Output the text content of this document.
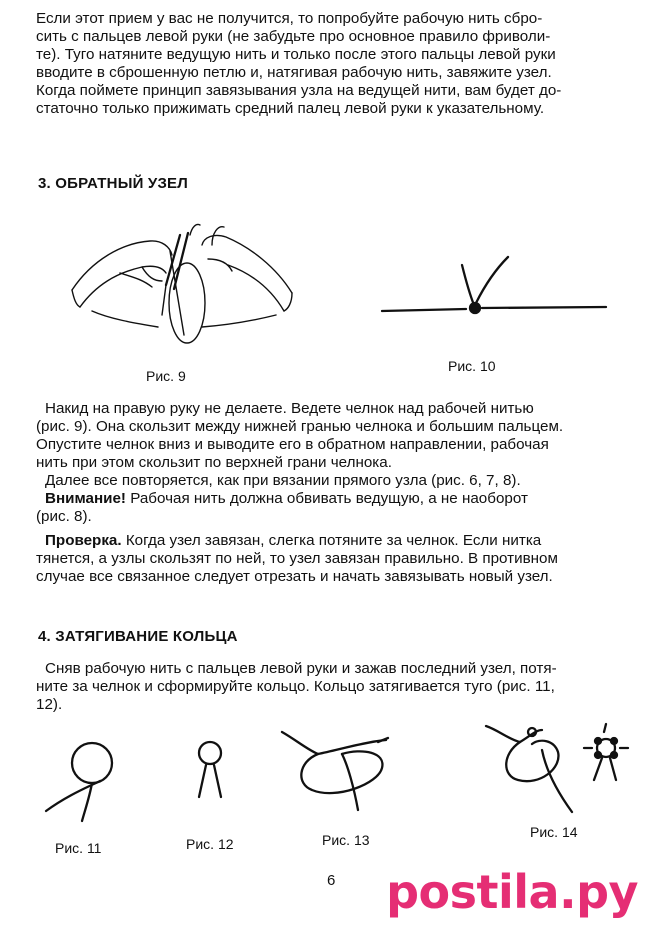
Если этот прием у вас не получится, то попробуйте рабочую нить сбро-

сить с пальцев левой руки (не забудьте про основное правило фриволи-

те). Туго натяните ведущую нить и только после этого пальцы левой руки

вводите в сброшенную петлю и, натягивая рабочую нить, завяжите узел.

Когда поймете принцип завязывания узла на ведущей нити, вам будет до-

статочно только прижимать средний палец левой руки к указательному.

3. ОБРАТНЫЙ УЗЕЛ

Рис. 9

Рис. 10

Накид на правую руку не делаете. Ведете челнок над рабочей нитью

(рис. 9). Она скользит между нижней гранью челнока и большим пальцем.

Опустите челнок вниз и выводите его в обратном направлении, рабочая

нить при этом скользит по верхней грани челнока.

Далее все повторяется, как при вязании прямого узла (рис. 6, 7, 8).

Внимание! Рабочая нить должна обвивать ведущую, а не наоборот

(рис. 8).

Проверка. Когда узел завязан, слегка потяните за челнок. Если нитка

тянется, а узлы скользят по ней, то узел завязан правильно. В противном

случае все связанное следует отрезать и начать завязывать новый узел.

4. ЗАТЯГИВАНИЕ КОЛЬЦА

Сняв рабочую нить с пальцев левой руки и зажав последний узел, потя-

ните за челнок и сформируйте кольцо. Кольцо затягивается туго (рис. 11,

12).

Рис. 11	Рис. 12	Рис. 13	Рис. 14

6 postila.ру
